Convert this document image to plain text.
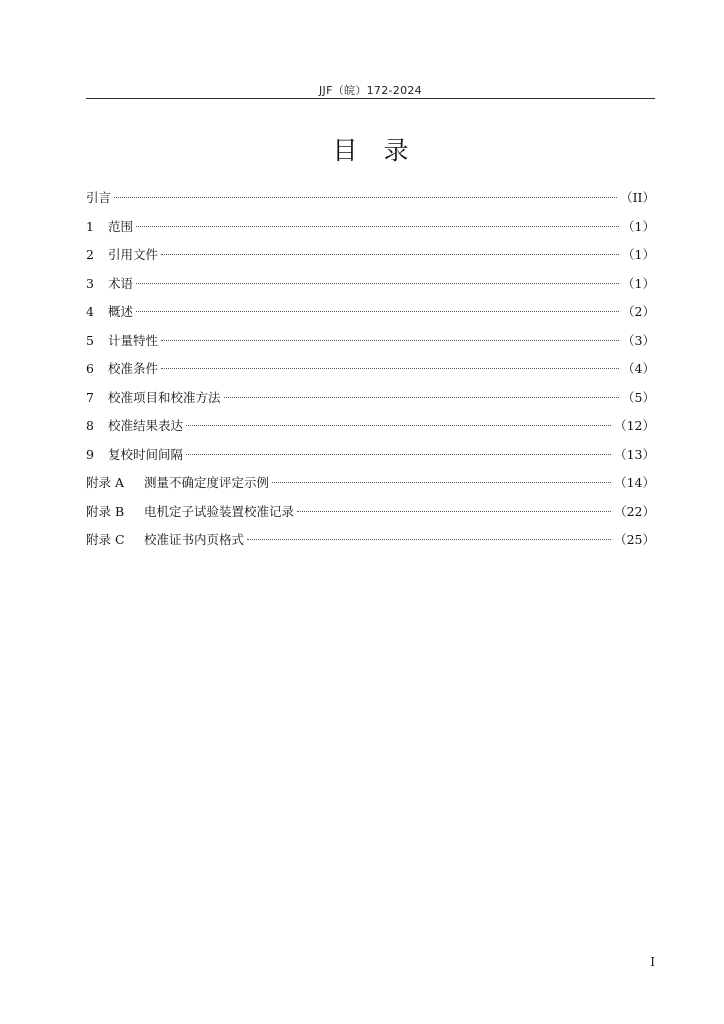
JJF（皖）172-2024
目 录
引言	（II）
1	范围	（1）
2	引用文件	（1）
3	术语	（1）
4	概述	（2）
5	计量特性	（3）
6	校准条件	（4）
7	校准项目和校准方法	（5）
8	校准结果表达	（12）
9	复校时间间隔	（13）
附录 A	测量不确定度评定示例	（14）
附录 B	电机定子试验装置校准记录	（22）
附录 C	校准证书内页格式	（25）
I
